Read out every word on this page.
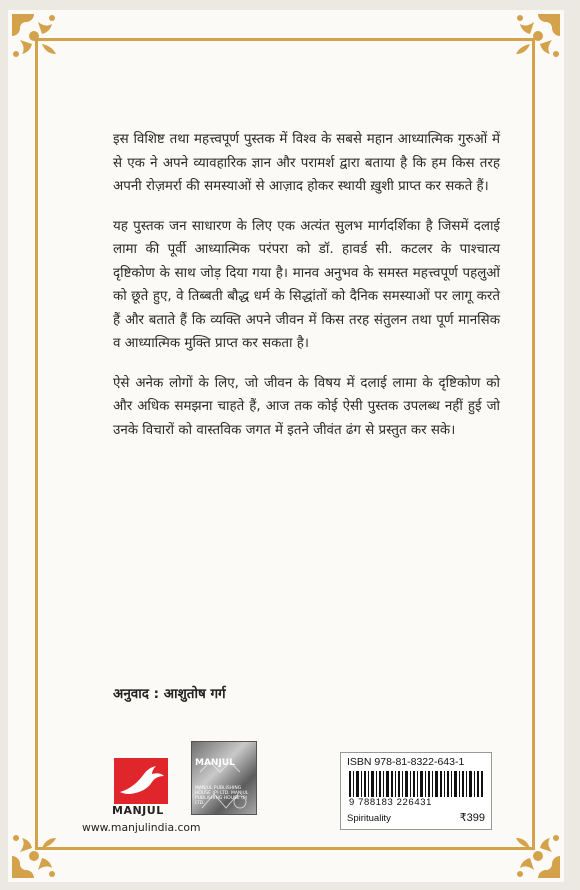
इस विशिष्ट तथा महत्त्वपूर्ण पुस्तक में विश्व के सबसे महान आध्यात्मिक गुरुओं में से एक ने अपने व्यावहारिक ज्ञान और परामर्श द्वारा बताया है कि हम किस तरह अपनी रोज़मर्रा की समस्याओं से आज़ाद होकर स्थायी ख़ुशी प्राप्त कर सकते हैं।

यह पुस्तक जन साधारण के लिए एक अत्यंत सुलभ मार्गदर्शिका है जिसमें दलाई लामा की पूर्वी आध्यात्मिक परंपरा को डॉ. हावर्ड सी. कटलर के पाश्चात्य दृष्टिकोण के साथ जोड़ दिया गया है। मानव अनुभव के समस्त महत्त्वपूर्ण पहलुओं को छूते हुए, वे तिब्बती बौद्ध धर्म के सिद्धांतों को दैनिक समस्याओं पर लागू करते हैं और बताते हैं कि व्यक्ति अपने जीवन में किस तरह संतुलन तथा पूर्ण मानसिक व आध्यात्मिक मुक्ति प्राप्त कर सकता है।

ऐसे अनेक लोगों के लिए, जो जीवन के विषय में दलाई लामा के दृष्टिकोण को और अधिक समझना चाहते हैं, आज तक कोई ऐसी पुस्तक उपलब्ध नहीं हुई जो उनके विचारों को वास्तविक जगत में इतने जीवंत ढंग से प्रस्तुत कर सके।

अनुवाद : आशुतोष गर्ग
MANJUL
MANJUL
MANJUL PUBLISHING HOUSE (P) LTD. MANJUL PUBLISHING HOUSE (P) LTD.
www.manjulindia.com
ISBN 978-81-8322-643-1
9 788183 226431
Spirituality	₹399
